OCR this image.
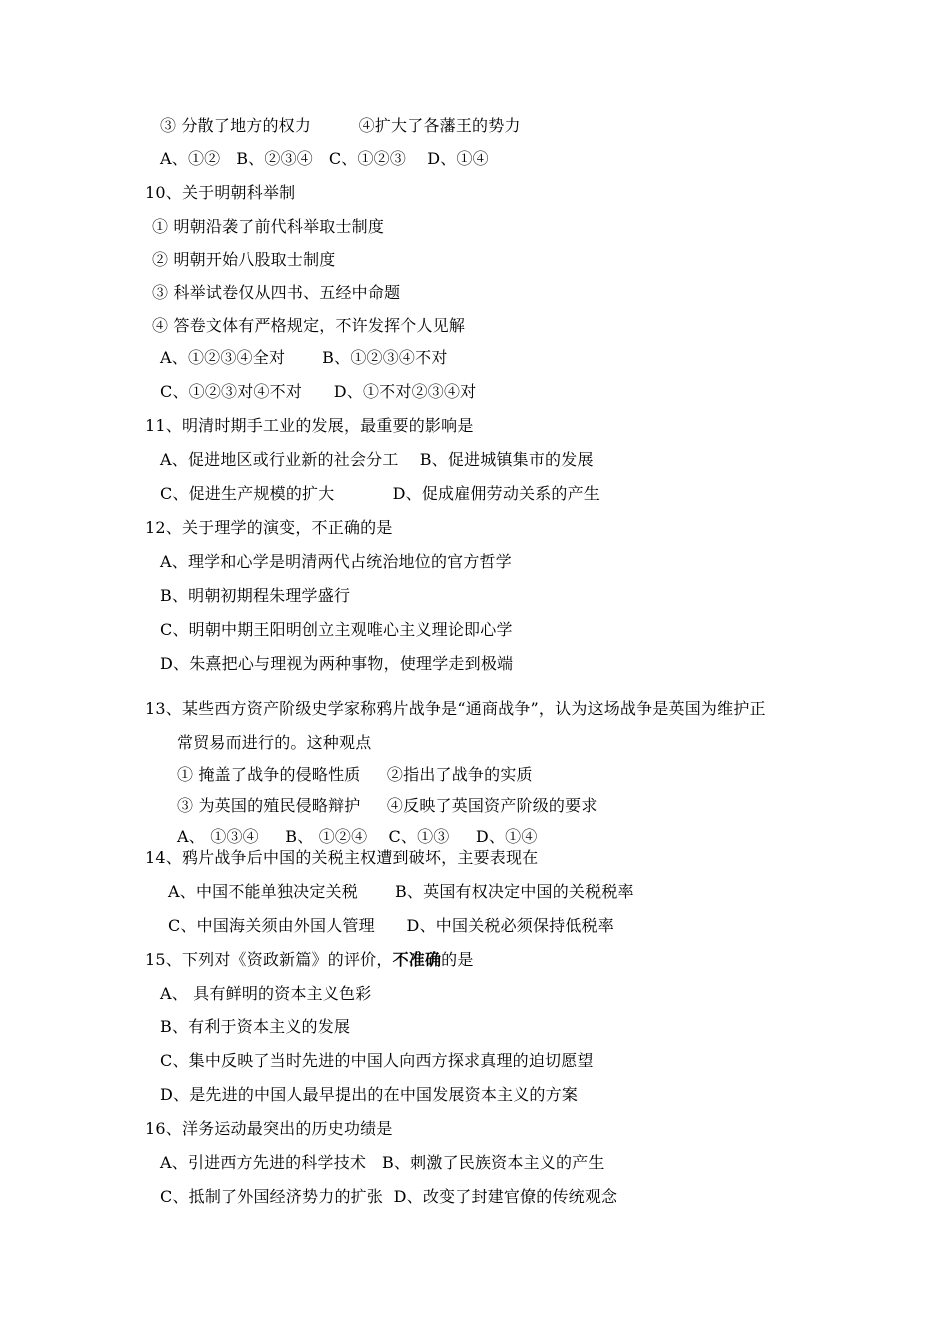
③ 分散了地方的权力         ④扩大了各藩王的势力
A、①②   B、②③④   C、①②③    D、①④
10、关于明朝科举制
① 明朝沿袭了前代科举取士制度
② 明朝开始八股取士制度
③ 科举试卷仅从四书、五经中命题
④ 答卷文体有严格规定，不许发挥个人见解
A、①②③④全对       B、①②③④不对
C、①②③对④不对      D、①不对②③④对
11、明清时期手工业的发展，最重要的影响是
A、促进地区或行业新的社会分工    B、促进城镇集市的发展
C、促进生产规模的扩大           D、促成雇佣劳动关系的产生
12、关于理学的演变，不正确的是
A、理学和心学是明清两代占统治地位的官方哲学
B、明朝初期程朱理学盛行
C、明朝中期王阳明创立主观唯心主义理论即心学
D、朱熹把心与理视为两种事物，使理学走到极端
13、某些西方资产阶级史学家称鸦片战争是“通商战争”，认为这场战争是英国为维护正
常贸易而进行的。这种观点
① 掩盖了战争的侵略性质     ②指出了战争的实质
③ 为英国的殖民侵略辩护     ④反映了英国资产阶级的要求
A、 ①③④     B、 ①②④    C、①③     D、①④
14、鸦片战争后中国的关税主权遭到破坏，主要表现在
A、中国不能单独决定关税       B、英国有权决定中国的关税税率
C、中国海关须由外国人管理      D、中国关税必须保持低税率
15、下列对《资政新篇》的评价，不准确的是
A、 具有鲜明的资本主义色彩
B、有利于资本主义的发展
C、集中反映了当时先进的中国人向西方探求真理的迫切愿望
D、是先进的中国人最早提出的在中国发展资本主义的方案
16、洋务运动最突出的历史功绩是
A、引进西方先进的科学技术   B、刺激了民族资本主义的产生
C、抵制了外国经济势力的扩张  D、改变了封建官僚的传统观念
